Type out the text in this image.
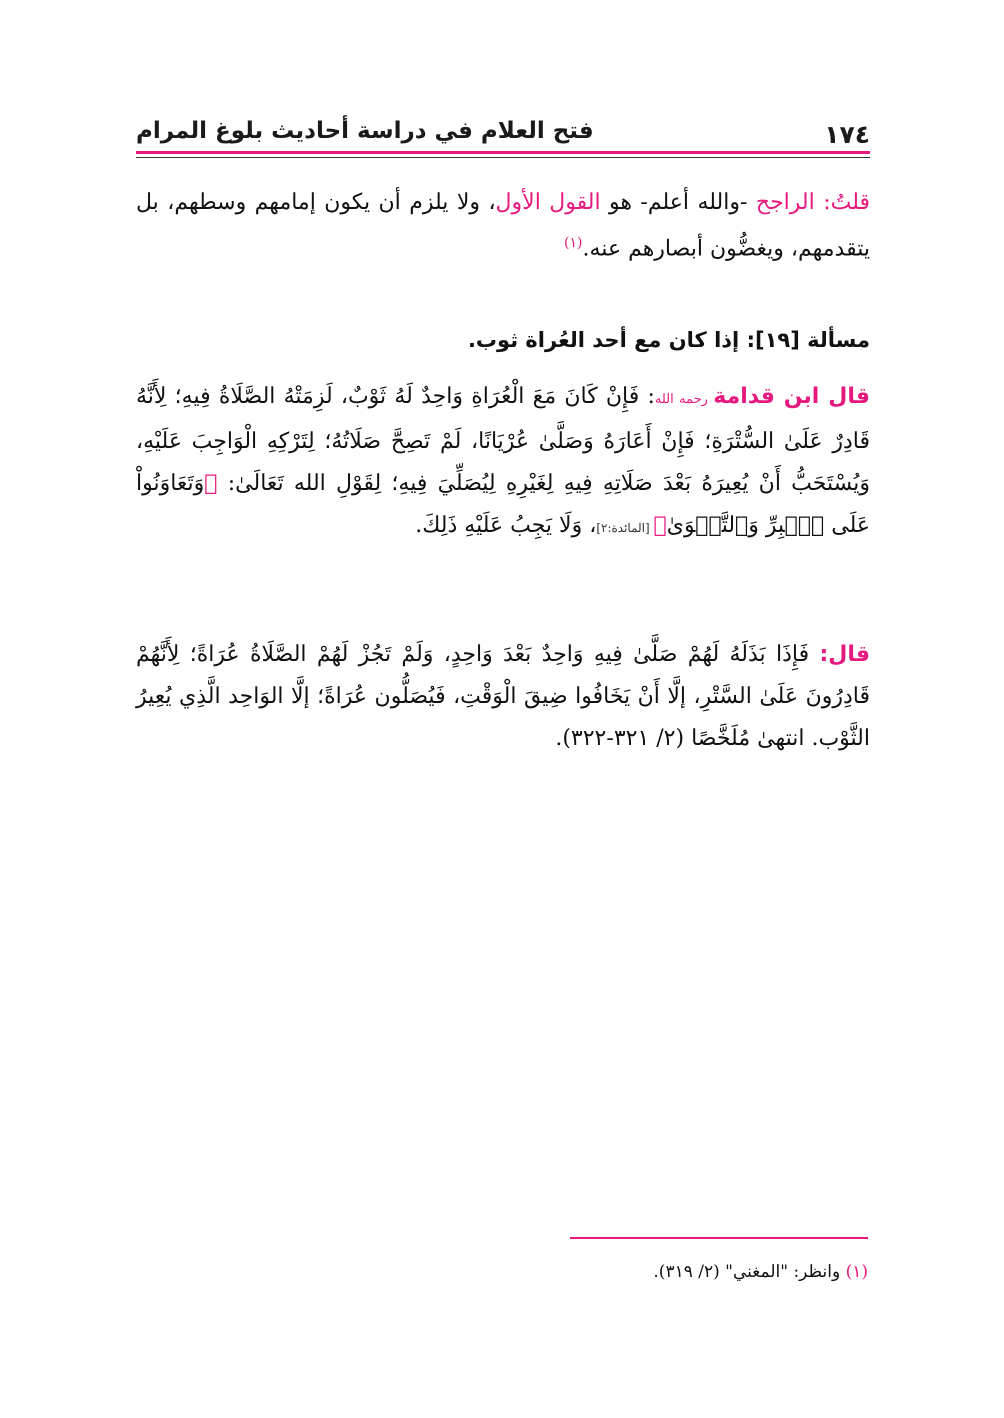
١٧٤
فتح العلام في دراسة أحاديث بلوغ المرام
قلتُ: الراجح -والله أعلم- هو القول الأول، ولا يلزم أن يكون إمامهم وسطهم، بل يتقدمهم، ويغضُّون أبصارهم عنه.$^{(١)}$
مسألة [١٩]: إذا كان مع أحد العُراة ثوب.
قال ابن قدامة رحمه الله: فَإِنْ كَانَ مَعَ الْعُرَاةِ وَاحِدٌ لَهُ ثَوْبٌ، لَزِمَتْهُ الصَّلَاةُ فِيهِ؛ لِأَنَّهُ قَادِرٌ عَلَىٰ السُّتْرَةِ؛ فَإِنْ أَعَارَهُ وَصَلَّىٰ عُرْيَانًا، لَمْ تَصِحَّ صَلَاتُهُ؛ لِتَرْكِهِ الْوَاجِبَ عَلَيْهِ، وَيُسْتَحَبُّ أَنْ يُعِيرَهُ بَعْدَ صَلَاتِهِ فِيهِ لِغَيْرِهِ لِيُصَلِّيَ فِيهِ؛ لِقَوْلِ الله تَعَالَىٰ: ﴿وَتَعَاوَنُواْ عَلَى ٱلۡبِرِّ وَٱلتَّقۡوَىٰ﴾ [المائدة:٢]، وَلَا يَجِبُ عَلَيْهِ ذَلِكَ.
قال: فَإِذَا بَذَلَهُ لَهُمْ صَلَّىٰ فِيهِ وَاحِدٌ بَعْدَ وَاحِدٍ، وَلَمْ تَجُزْ لَهُمْ الصَّلَاةُ عُرَاةً؛ لِأَنَّهُمْ قَادِرُونَ عَلَىٰ السَّتْرِ، إلَّا أَنْ يَخَافُوا ضِيقَ الْوَقْتِ، فَيُصَلُّون عُرَاةً؛ إلَّا الوَاحِد الَّذِي يُعِيرُ الثَّوْب. انتهىٰ مُلَخَّصًا (٢/ ٣٢١-٣٢٢).
(١) وانظر: "المغني" (٢/ ٣١٩).
